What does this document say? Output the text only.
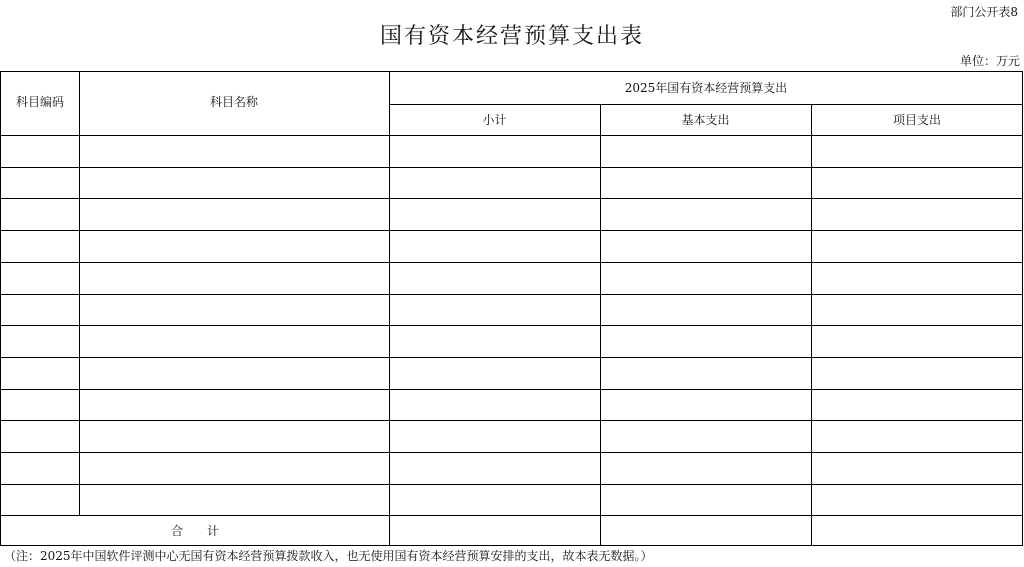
部门公开表8
国有资本经营预算支出表
单位：万元
科目编码	科目名称
2025年国有资本经营预算支出
小计	基本支出	项目支出
合　　计
（注：2025年中国软件评测中心无国有资本经营预算拨款收入，也无使用国有资本经营预算安排的支出，故本表无数据。）
